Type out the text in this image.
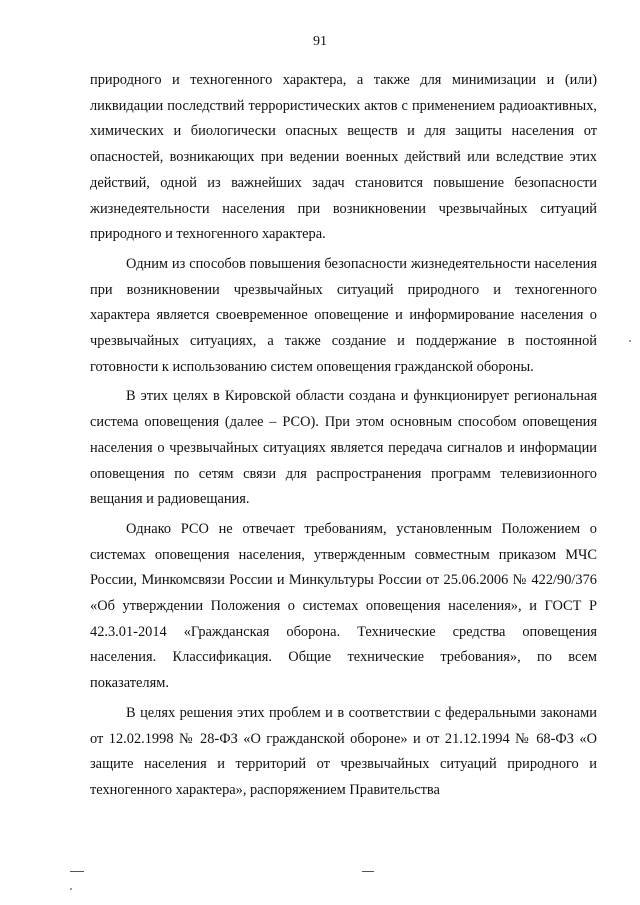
91

природного и техногенного характера, а также для минимизации и (или) ликвидации последствий террористических актов с применением радиоактивных, химических и биологически опасных веществ и для защиты населения от опасностей, возникающих при ведении военных действий или вследствие этих действий, одной из важнейших задач становится повышение безопасности жизнедеятельности населения при возникновении чрезвычайных ситуаций природного и техногенного характера.

Одним из способов повышения безопасности жизнедеятельности населения при возникновении чрезвычайных ситуаций природного и техногенного характера является своевременное оповещение и информирование населения о чрезвычайных ситуациях, а также создание и поддержание в постоянной готовности к использованию систем оповещения гражданской обороны.

В этих целях в Кировской области создана и функционирует региональная система оповещения (далее – РСО). При этом основным способом оповещения населения о чрезвычайных ситуациях является передача сигналов и информации оповещения по сетям связи для распространения программ телевизионного вещания и радиовещания.

Однако РСО не отвечает требованиям, установленным Положением о системах оповещения населения, утвержденным совместным приказом МЧС России, Минкомсвязи России и Минкультуры России от 25.06.2006 № 422/90/376 «Об утверждении Положения о системах оповещения населения», и ГОСТ Р 42.3.01-2014 «Гражданская оборона. Технические средства оповещения населения. Классификация. Общие технические требования», по всем показателям.

В целях решения этих проблем и в соответствии с федеральными законами от 12.02.1998 № 28-ФЗ «О гражданской обороне» и от 21.12.1994 № 68-ФЗ «О защите населения и территорий от чрезвычайных ситуаций природного и техногенного характера», распоряжением Правительства
